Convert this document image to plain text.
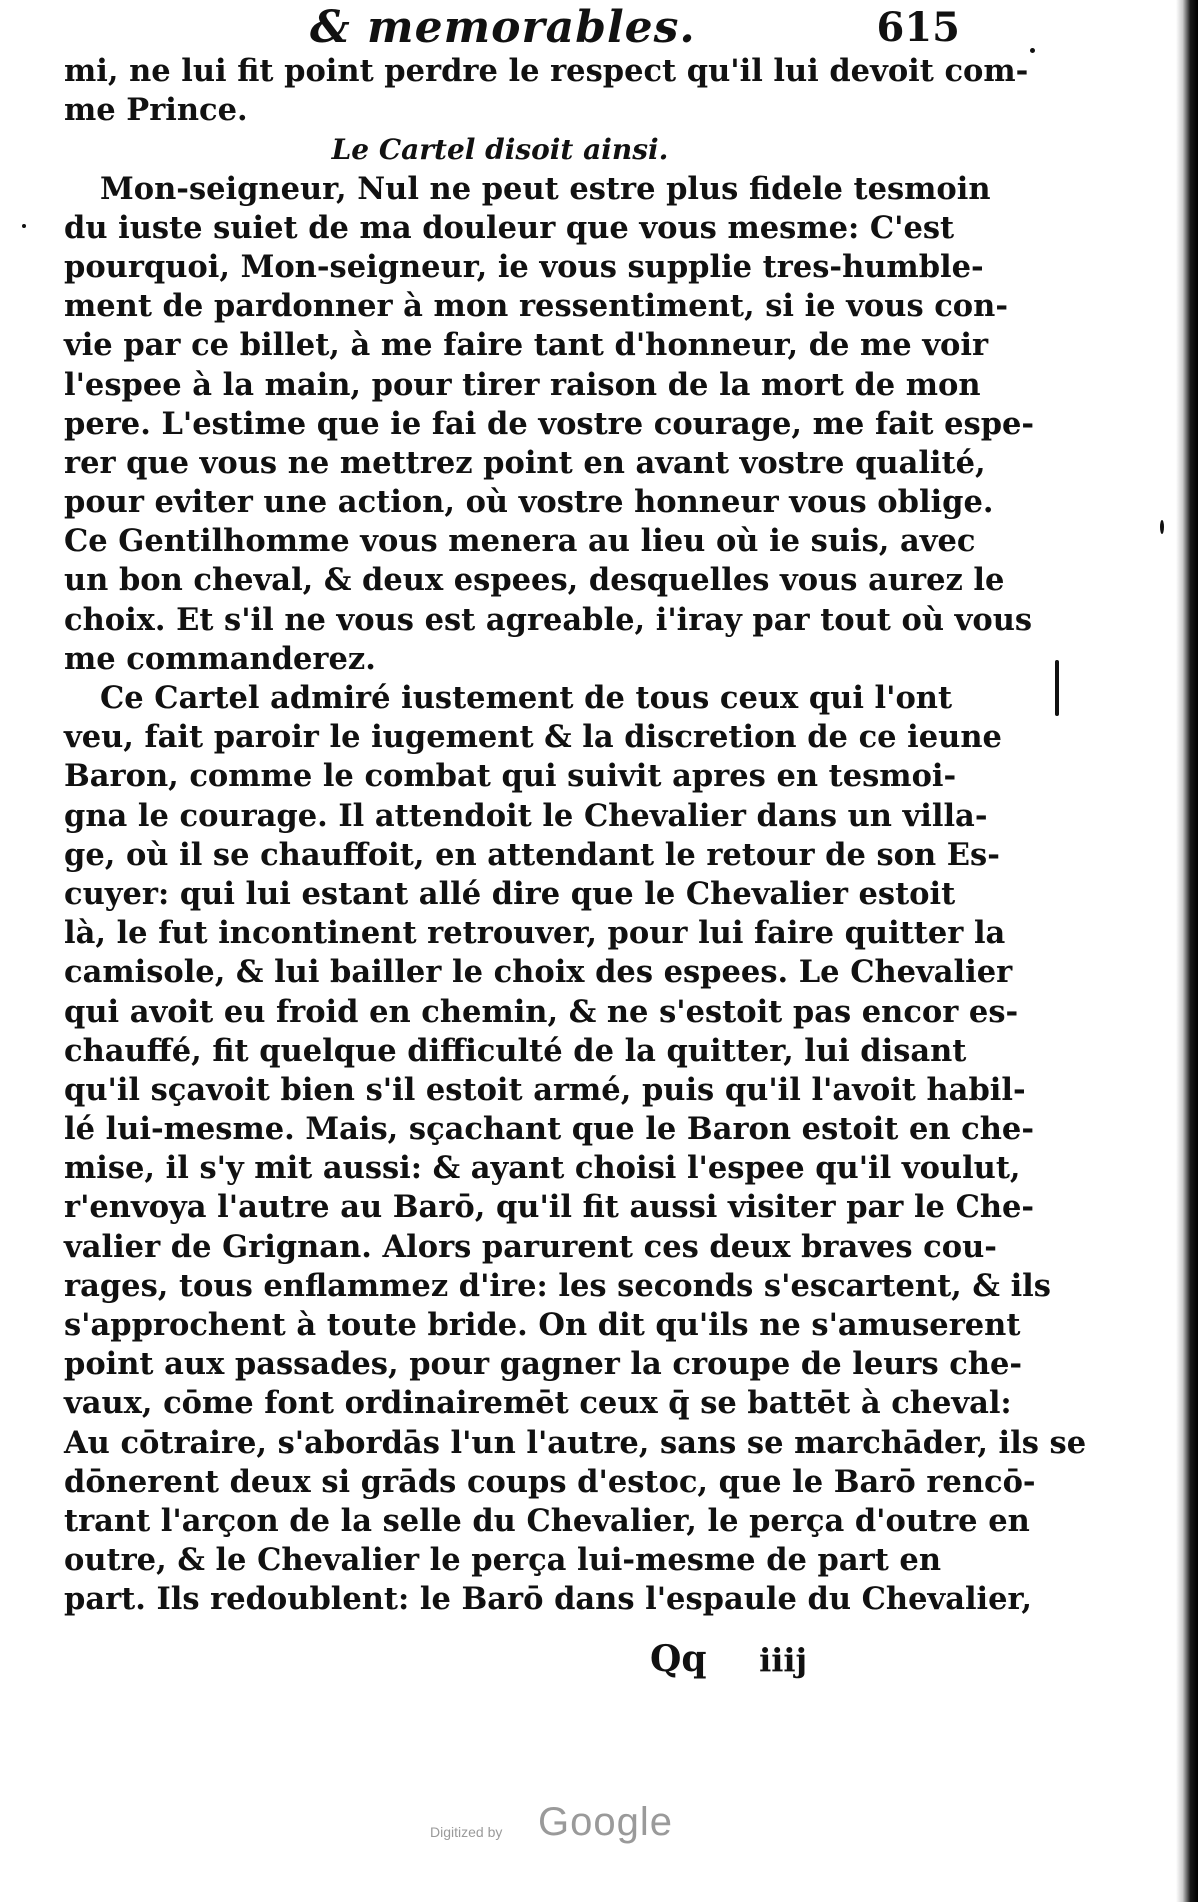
& memorables.	615
mi, ne lui fit point perdre le respect qu'il lui devoit com-
me Prince.
Le Cartel disoit ainsi.
Mon-seigneur, Nul ne peut estre plus fidele tesmoin
du iuste suiet de ma douleur que vous mesme: C'est
pourquoi, Mon-seigneur, ie vous supplie tres-humble-
ment de pardonner à mon ressentiment, si ie vous con-
vie par ce billet, à me faire tant d'honneur, de me voir
l'espee à la main, pour tirer raison de la mort de mon
pere. L'estime que ie fai de vostre courage, me fait espe-
rer que vous ne mettrez point en avant vostre qualité,
pour eviter une action, où vostre honneur vous oblige.
Ce Gentilhomme vous menera au lieu où ie suis, avec
un bon cheval, & deux espees, desquelles vous aurez le
choix. Et s'il ne vous est agreable, i'iray par tout où vous
me commanderez.
Ce Cartel admiré iustement de tous ceux qui l'ont
veu, fait paroir le iugement & la discretion de ce ieune
Baron, comme le combat qui suivit apres en tesmoi-
gna le courage. Il attendoit le Chevalier dans un villa-
ge, où il se chauffoit, en attendant le retour de son Es-
cuyer: qui lui estant allé dire que le Chevalier estoit
là, le fut incontinent retrouver, pour lui faire quitter la
camisole, & lui bailler le choix des espees. Le Chevalier
qui avoit eu froid en chemin, & ne s'estoit pas encor es-
chauffé, fit quelque difficulté de la quitter, lui disant
qu'il sçavoit bien s'il estoit armé, puis qu'il l'avoit habil-
lé lui-mesme. Mais, sçachant que le Baron estoit en che-
mise, il s'y mit aussi: & ayant choisi l'espee qu'il voulut,
r'envoya l'autre au Barō, qu'il fit aussi visiter par le Che-
valier de Grignan. Alors parurent ces deux braves cou-
rages, tous enflammez d'ire: les seconds s'escartent, & ils
s'approchent à toute bride. On dit qu'ils ne s'amuserent
point aux passades, pour gagner la croupe de leurs che-
vaux, cōme font ordinairemēt ceux q̄ se battēt à cheval:
Au cōtraire, s'abordās l'un l'autre, sans se marchāder, ils se
dōnerent deux si grāds coups d'estoc, que le Barō rencō-
trant l'arçon de la selle du Chevalier, le perça d'outre en
outre, & le Chevalier le perça lui-mesme de part en
part. Ils redoublent: le Barō dans l'espaule du Chevalier,
Qq iiij
Digitized by Google
